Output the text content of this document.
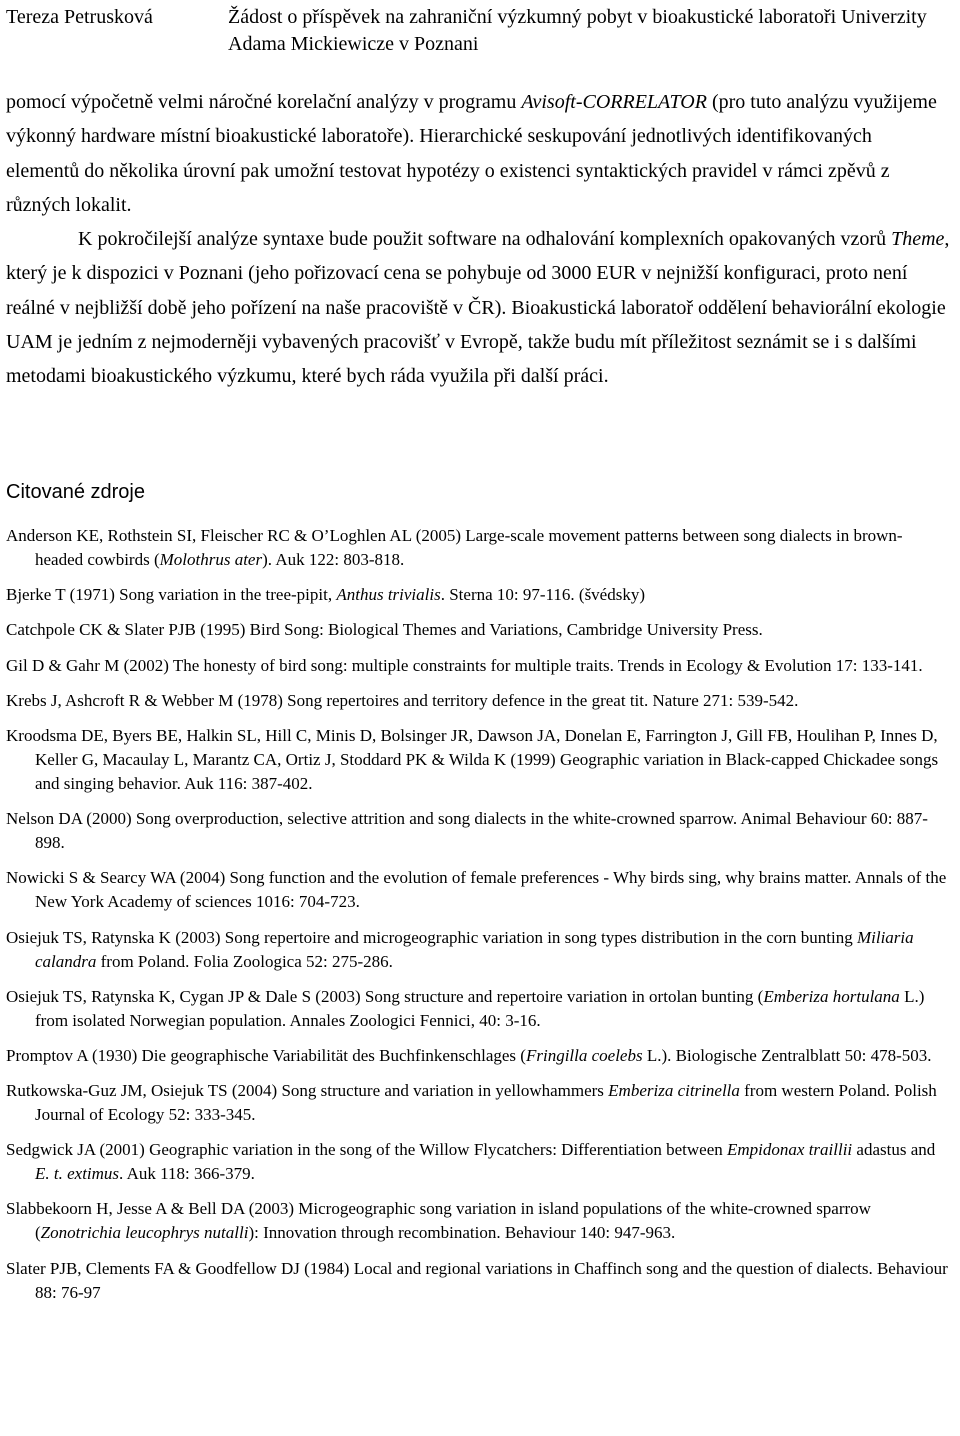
Tereza Petrusková	Žádost o příspěvek na zahraniční výzkumný pobyt v bioakustické laboratoři Univerzity Adama Mickiewicze v Poznani

pomocí výpočetně velmi náročné korelační analýzy v programu Avisoft-CORRELATOR (pro tuto analýzu využijeme výkonný hardware místní bioakustické laboratoře). Hierarchické seskupování jednotlivých identifikovaných elementů do několika úrovní pak umožní testovat hypotézy o existenci syntaktických pravidel v rámci zpěvů z různých lokalit.

K pokročilejší analýze syntaxe bude použit software na odhalování komplexních opakovaných vzorů Theme, který je k dispozici v Poznani (jeho pořizovací cena se pohybuje od 3000 EUR v nejnižší konfiguraci, proto není reálné v nejbližší době jeho pořízení na naše pracoviště v ČR). Bioakustická laboratoř oddělení behaviorální ekologie UAM je jedním z nejmoderněji vybavených pracovišť v Evropě, takže budu mít příležitost seznámit se i s dalšími metodami bioakustického výzkumu, které bych ráda využila při další práci.

Citované zdroje

Anderson KE, Rothstein SI, Fleischer RC & O’Loghlen AL (2005) Large-scale movement patterns between song dialects in brown-headed cowbirds (Molothrus ater). Auk 122: 803-818.

Bjerke T (1971) Song variation in the tree-pipit, Anthus trivialis. Sterna 10: 97-116. (švédsky)

Catchpole CK & Slater PJB (1995) Bird Song: Biological Themes and Variations, Cambridge University Press.

Gil D & Gahr M (2002) The honesty of bird song: multiple constraints for multiple traits. Trends in Ecology & Evolution 17: 133-141.

Krebs J, Ashcroft R & Webber M (1978) Song repertoires and territory defence in the great tit. Nature 271: 539-542.

Kroodsma DE, Byers BE, Halkin SL, Hill C, Minis D, Bolsinger JR, Dawson JA, Donelan E, Farrington J, Gill FB, Houlihan P, Innes D, Keller G, Macaulay L, Marantz CA, Ortiz J, Stoddard PK & Wilda K (1999) Geographic variation in Black-capped Chickadee songs and singing behavior. Auk 116: 387-402.

Nelson DA (2000) Song overproduction, selective attrition and song dialects in the white-crowned sparrow. Animal Behaviour 60: 887-898.

Nowicki S & Searcy WA (2004) Song function and the evolution of female preferences - Why birds sing, why brains matter. Annals of the New York Academy of sciences 1016: 704-723.

Osiejuk TS, Ratynska K (2003) Song repertoire and microgeographic variation in song types distribution in the corn bunting Miliaria calandra from Poland. Folia Zoologica 52: 275-286.

Osiejuk TS, Ratynska K, Cygan JP & Dale S (2003) Song structure and repertoire variation in ortolan bunting (Emberiza hortulana L.) from isolated Norwegian population. Annales Zoologici Fennici, 40: 3-16.

Promptov A (1930) Die geographische Variabilität des Buchfinkenschlages (Fringilla coelebs L.). Biologische Zentralblatt 50: 478-503.

Rutkowska-Guz JM, Osiejuk TS (2004) Song structure and variation in yellowhammers Emberiza citrinella from western Poland. Polish Journal of Ecology 52: 333-345.

Sedgwick JA (2001) Geographic variation in the song of the Willow Flycatchers: Differentiation between Empidonax traillii adastus and E. t. extimus. Auk 118: 366-379.

Slabbekoorn H, Jesse A & Bell DA (2003) Microgeographic song variation in island populations of the white-crowned sparrow (Zonotrichia leucophrys nutalli): Innovation through recombination. Behaviour 140: 947-963.

Slater PJB, Clements FA & Goodfellow DJ (1984) Local and regional variations in Chaffinch song and the question of dialects. Behaviour 88: 76-97
